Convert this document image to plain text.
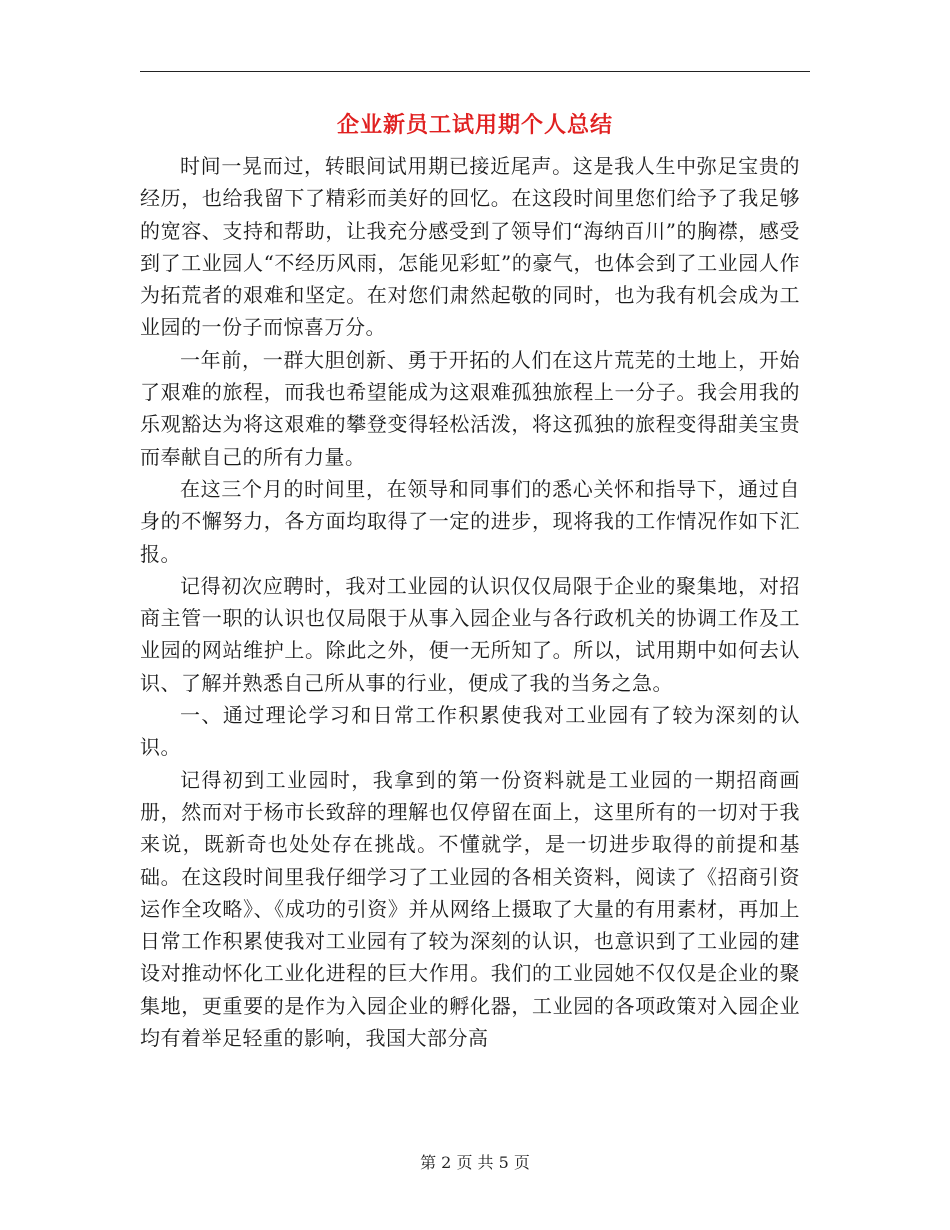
企业新员工试用期个人总结

时间一晃而过，转眼间试用期已接近尾声。这是我人生中弥足宝贵的经历，也给我留下了精彩而美好的回忆。在这段时间里您们给予了我足够的宽容、支持和帮助，让我充分感受到了领导们“海纳百川”的胸襟，感受到了工业园人“不经历风雨，怎能见彩虹”的豪气，也体会到了工业园人作为拓荒者的艰难和坚定。在对您们肃然起敬的同时，也为我有机会成为工业园的一份子而惊喜万分。

一年前，一群大胆创新、勇于开拓的人们在这片荒芜的土地上，开始了艰难的旅程，而我也希望能成为这艰难孤独旅程上一分子。我会用我的乐观豁达为将这艰难的攀登变得轻松活泼，将这孤独的旅程变得甜美宝贵而奉献自己的所有力量。

在这三个月的时间里，在领导和同事们的悉心关怀和指导下，通过自身的不懈努力，各方面均取得了一定的进步，现将我的工作情况作如下汇报。

记得初次应聘时，我对工业园的认识仅仅局限于企业的聚集地，对招商主管一职的认识也仅局限于从事入园企业与各行政机关的协调工作及工业园的网站维护上。除此之外，便一无所知了。所以，试用期中如何去认识、了解并熟悉自己所从事的行业，便成了我的当务之急。

一、通过理论学习和日常工作积累使我对工业园有了较为深刻的认识。

记得初到工业园时，我拿到的第一份资料就是工业园的一期招商画册，然而对于杨市长致辞的理解也仅停留在面上，这里所有的一切对于我来说，既新奇也处处存在挑战。不懂就学，是一切进步取得的前提和基础。在这段时间里我仔细学习了工业园的各相关资料，阅读了《招商引资运作全攻略》、《成功的引资》并从网络上摄取了大量的有用素材，再加上日常工作积累使我对工业园有了较为深刻的认识，也意识到了工业园的建设对推动怀化工业化进程的巨大作用。我们的工业园她不仅仅是企业的聚集地，更重要的是作为入园企业的孵化器，工业园的各项政策对入园企业均有着举足轻重的影响，我国大部分高

第 2 页 共 5 页
